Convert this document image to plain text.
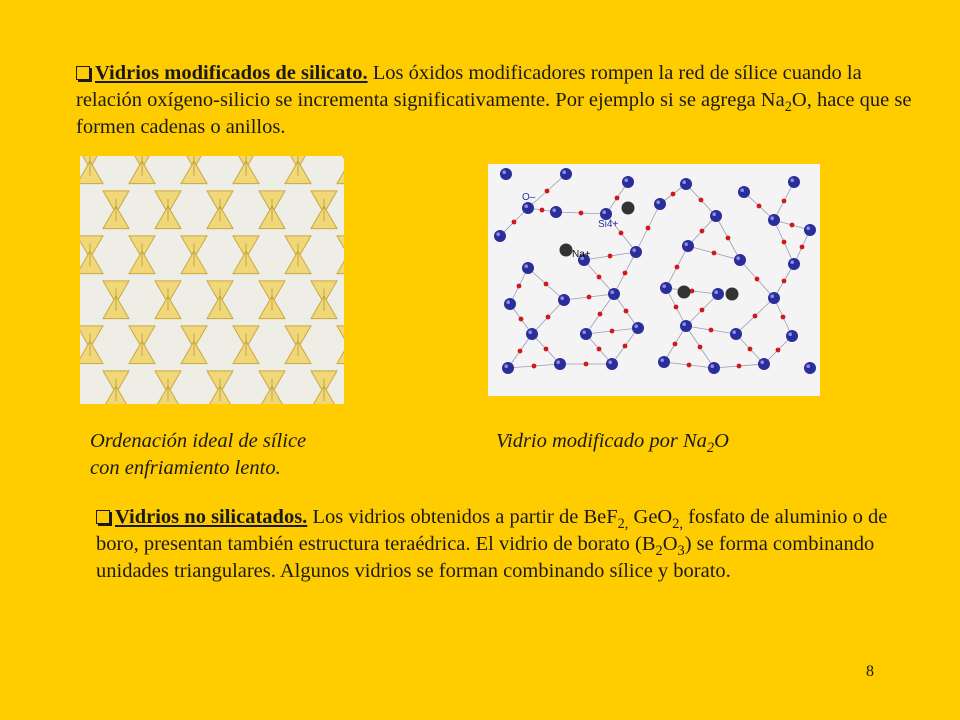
Vidrios modificados de silicato. Los óxidos modificadores rompen la red de sílice cuando la relación oxígeno-silicio se incrementa significativamente. Por ejemplo si se agrega $Na_2O$, hace que se formen cadenas o anillos.
O–
Si4+
Na+
Ordenación ideal de sílice
con enfriamiento lento.
Vidrio modificado por $Na_2O$
Vidrios no silicatados. Los vidrios obtenidos a partir de BeF$_{2,}$ GeO$_{2,}$ fosfato de aluminio o de boro, presentan también estructura teraédrica. El vidrio de borato $(B_2O_3)$ se forma combinando unidades triangulares. Algunos vidrios se forman combinando sílice y borato.
8
